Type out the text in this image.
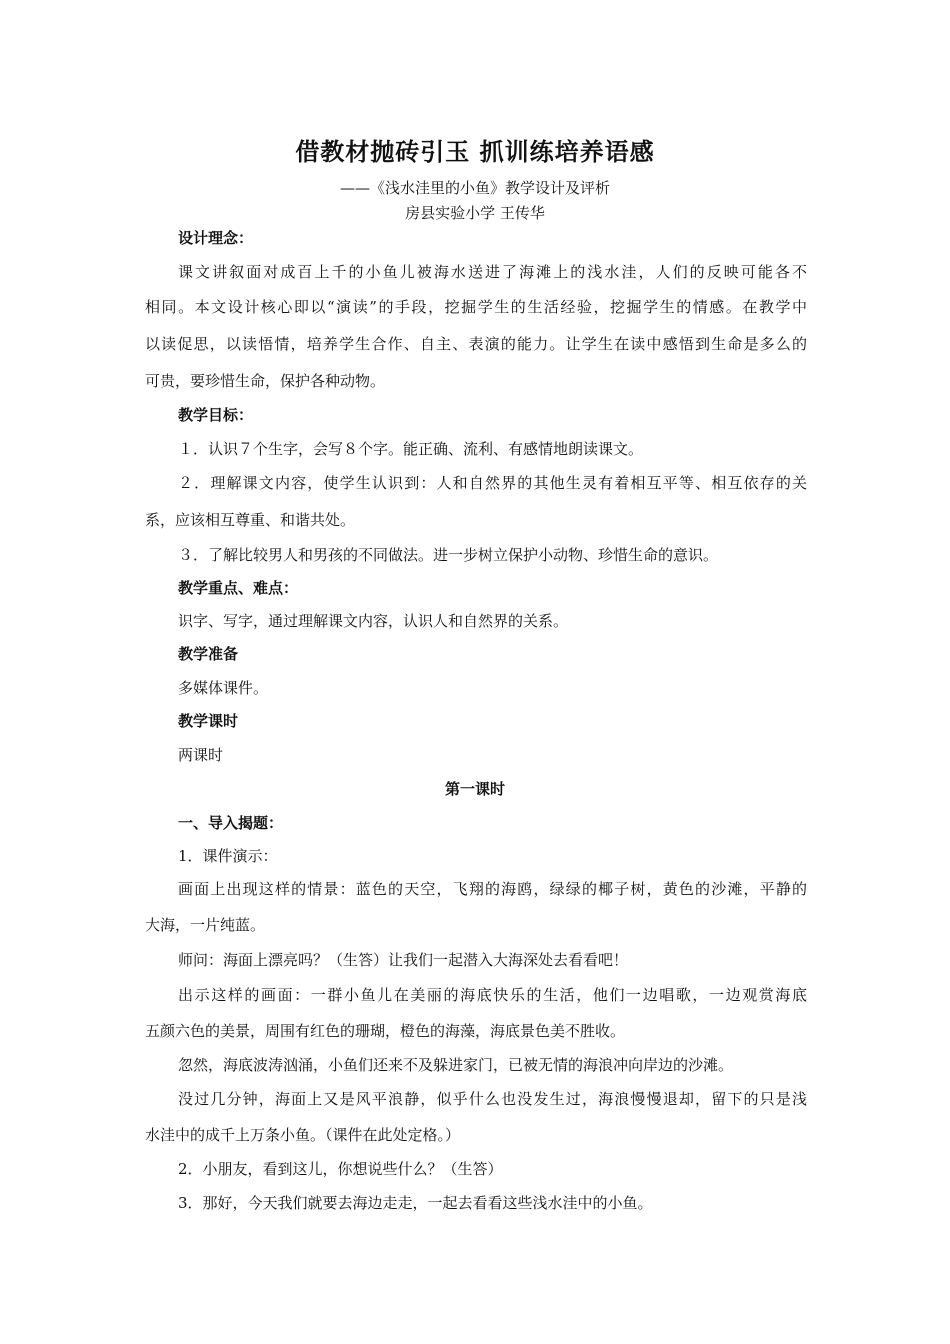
借教材抛砖引玉 抓训练培养语感
——《浅水洼里的小鱼》教学设计及评析
房县实验小学 王传华
设计理念：
课文讲叙面对成百上千的小鱼儿被海水送进了海滩上的浅水洼，人们的反映可能各不
相同。本文设计核心即以“演读”的手段，挖掘学生的生活经验，挖掘学生的情感。在教学中
以读促思，以读悟情，培养学生合作、自主、表演的能力。让学生在读中感悟到生命是多么的
可贵，要珍惜生命，保护各种动物。
教学目标：
１．认识７个生字，会写８个字。能正确、流利、有感情地朗读课文。
２．理解课文内容，使学生认识到：人和自然界的其他生灵有着相互平等、相互依存的关
系，应该相互尊重、和谐共处。
３．了解比较男人和男孩的不同做法。进一步树立保护小动物、珍惜生命的意识。
教学重点、难点：
识字、写字，通过理解课文内容，认识人和自然界的关系。
教学准备
多媒体课件。
教学课时
两课时
第一课时
一、导入揭题：
1．课件演示：
画面上出现这样的情景：蓝色的天空，飞翔的海鸥，绿绿的椰子树，黄色的沙滩，平静的
大海，一片纯蓝。
师问：海面上漂亮吗？（生答）让我们一起潜入大海深处去看看吧！
出示这样的画面：一群小鱼儿在美丽的海底快乐的生活，他们一边唱歌，一边观赏海底
五颜六色的美景，周围有红色的珊瑚，橙色的海藻，海底景色美不胜收。
忽然，海底波涛汹涌，小鱼们还来不及躲进家门，已被无情的海浪冲向岸边的沙滩。
没过几分钟，海面上又是风平浪静，似乎什么也没发生过，海浪慢慢退却，留下的只是浅
水洼中的成千上万条小鱼。（课件在此处定格。）
2．小朋友，看到这儿，你想说些什么？（生答）
3．那好，今天我们就要去海边走走，一起去看看这些浅水洼中的小鱼。
